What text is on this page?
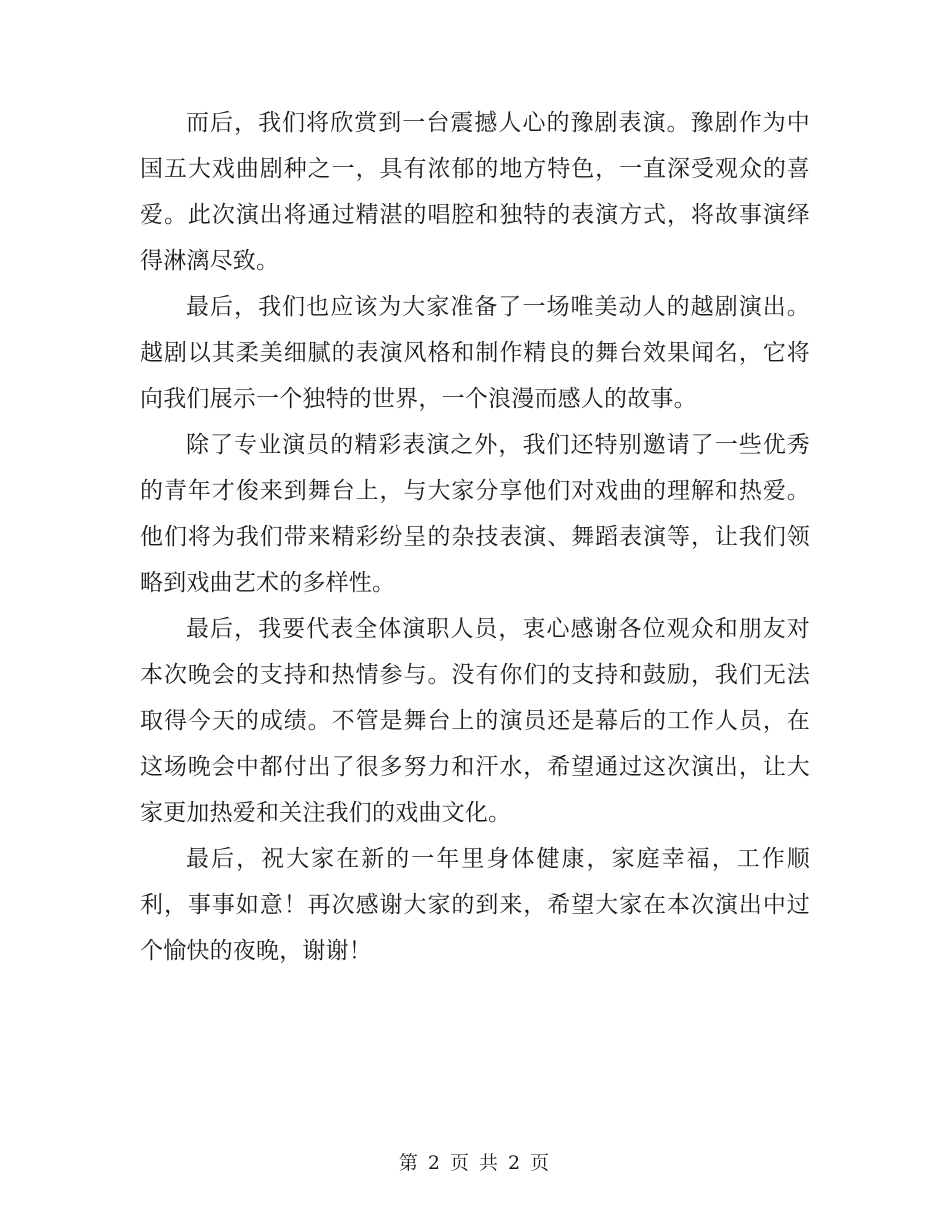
而后，我们将欣赏到一台震撼人心的豫剧表演。豫剧作为中国五大戏曲剧种之一，具有浓郁的地方特色，一直深受观众的喜爱。此次演出将通过精湛的唱腔和独特的表演方式，将故事演绎得淋漓尽致。

最后，我们也应该为大家准备了一场唯美动人的越剧演出。越剧以其柔美细腻的表演风格和制作精良的舞台效果闻名，它将向我们展示一个独特的世界，一个浪漫而感人的故事。

除了专业演员的精彩表演之外，我们还特别邀请了一些优秀的青年才俊来到舞台上，与大家分享他们对戏曲的理解和热爱。他们将为我们带来精彩纷呈的杂技表演、舞蹈表演等，让我们领略到戏曲艺术的多样性。

最后，我要代表全体演职人员，衷心感谢各位观众和朋友对本次晚会的支持和热情参与。没有你们的支持和鼓励，我们无法取得今天的成绩。不管是舞台上的演员还是幕后的工作人员，在这场晚会中都付出了很多努力和汗水，希望通过这次演出，让大家更加热爱和关注我们的戏曲文化。

最后，祝大家在新的一年里身体健康，家庭幸福，工作顺利，事事如意！再次感谢大家的到来，希望大家在本次演出中过个愉快的夜晚，谢谢！

第 2 页 共 2 页
